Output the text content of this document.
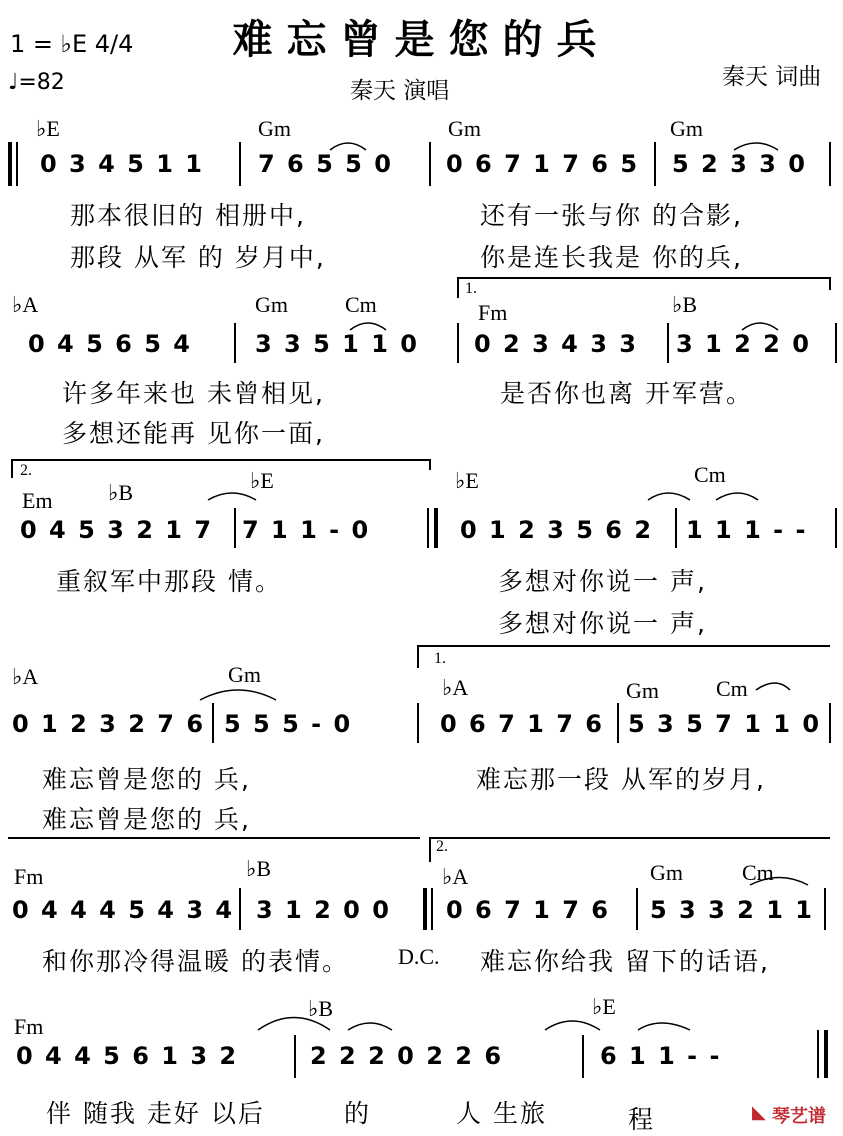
难忘曾是您的兵
1 = ♭E 4/4
♩=82	秦天 演唱
秦天 词曲
♭E	Gm	Gm	Gm
0 3 4 5 1 1 7 6 5 5 0 0 6 7 1 7 6 5 5 2 3 3 0
那本很旧的 相册中,	还有一张与你 的合影,
那段 从军 的 岁月中,	你是连长我是 你的兵,
♭A	Gm	Cm
1.
Fm	♭B
0 4 5 6 5 4	3 3 5 1 1 0 0 2 3 4 3 3 3 1 2 2 0
许多年来也 未曾相见,	是否你也离 开军营。
多想还能再 见你一面,
2.
Em	♭B	♭E	♭E	Cm
0 4 5 3 2 1 7 7 1 1 - 0	0 1 2 3 5 6 2 1 1 1 - -
重叙军中那段 情。	多想对你说一 声,
多想对你说一 声,
♭A	Gm
1.
♭A	Gm	Cm
0 1 2 3 2 7 6 5 5 5 - 0	0 6 7 1 7 6 5 3 5 7 1 1 0
难忘曾是您的 兵,	难忘那一段 从军的岁月,
难忘曾是您的 兵,
Fm	♭B
2.
♭A	Gm	Cm
0 4 4 4 5 4 3 4 3 1 2 0 0 0 6 7 1 7 6 5 3 3 2 1 1
和你那冷得温暖 的表情。 D.C. 难忘你给我 留下的话语,
Fm
♭B	♭E
0 4 4 5 6 1 3 2	2 2 2 0 2 2 6	6 1 1 - -
伴 随我 走好 以后	的	人 生旅	程	◣ 琴艺谱
